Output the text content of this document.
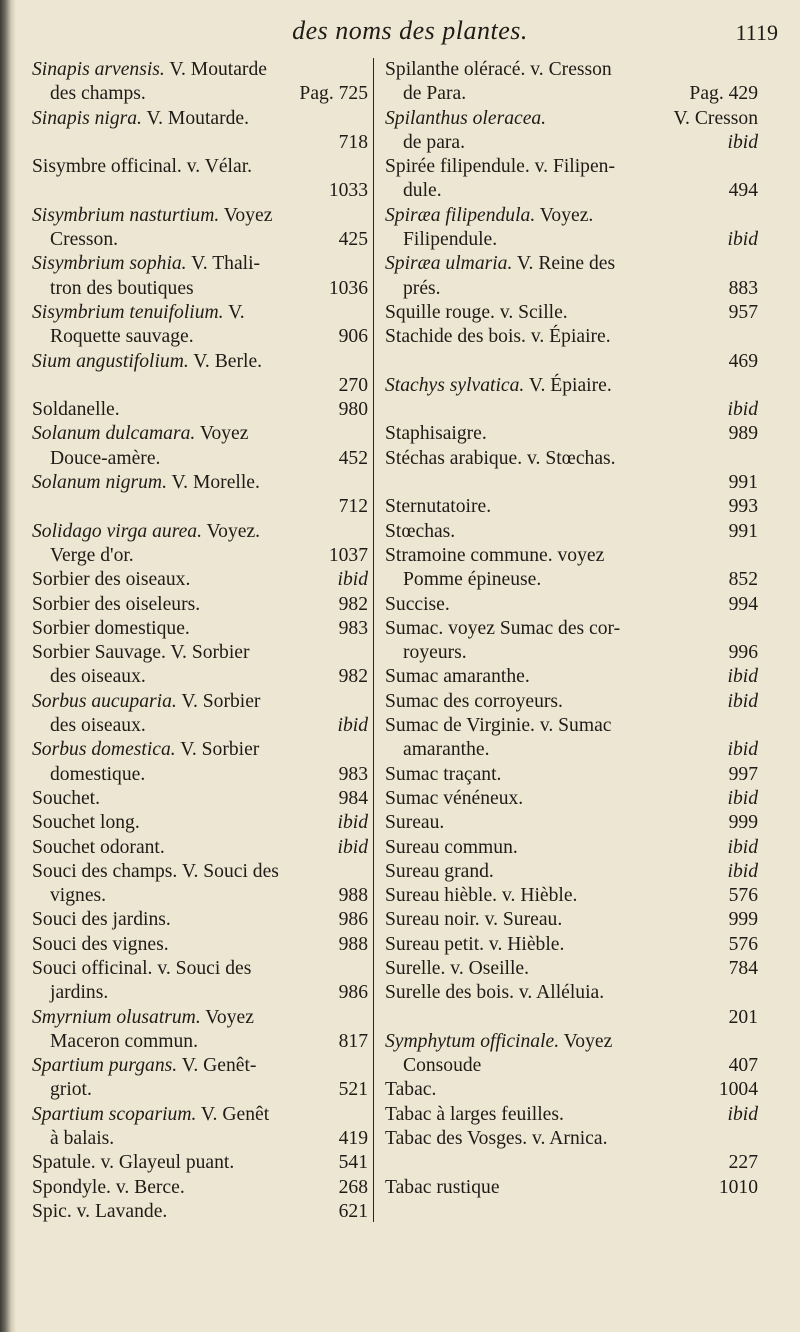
des noms des plantes.	1119
Sinapis arvensis. V. Moutarde
des champs.	Pag. 725
Sinapis nigra. V. Moutarde.
718
Sisymbre officinal. v. Vélar.
1033
Sisymbrium nasturtium. Voyez
Cresson.	425
Sisymbrium sophia. V. Thali-
tron des boutiques	1036
Sisymbrium tenuifolium. V.
Roquette sauvage.	906
Sium angustifolium. V. Berle.
270
Soldanelle.	980
Solanum dulcamara. Voyez
Douce-amère.	452
Solanum nigrum. V. Morelle.
712
Solidago virga aurea. Voyez.
Verge d'or.	1037
Sorbier des oiseaux.	ibid
Sorbier des oiseleurs.	982
Sorbier domestique.	983
Sorbier Sauvage. V. Sorbier
des oiseaux.	982
Sorbus aucuparia. V. Sorbier
des oiseaux.	ibid
Sorbus domestica. V. Sorbier
domestique.	983
Souchet.	984
Souchet long.	ibid
Souchet odorant.	ibid
Souci des champs. V. Souci des
vignes.	988
Souci des jardins.	986
Souci des vignes.	988
Souci officinal. v. Souci des
jardins.	986
Smyrnium olusatrum. Voyez
Maceron commun.	817
Spartium purgans. V. Genêt-
griot.	521
Spartium scoparium. V. Genêt
à balais.	419
Spatule. v. Glayeul puant.	541
Spondyle. v. Berce.	268
Spic. v. Lavande.	621
Spilanthe oléracé. v. Cresson
de Para.	Pag. 429
Spilanthus oleracea.	V. Cresson
de para.	ibid
Spirée filipendule. v. Filipen-
dule.	494
Spiræa filipendula. Voyez.
Filipendule.	ibid
Spiræa ulmaria. V. Reine des
prés.	883
Squille rouge. v. Scille.	957
Stachide des bois. v. Épiaire.
469
Stachys sylvatica. V. Épiaire.
ibid
Staphisaigre.	989
Stéchas arabique. v. Stœchas.
991
Sternutatoire.	993
Stœchas.	991
Stramoine commune. voyez
Pomme épineuse.	852
Succise.	994
Sumac. voyez Sumac des cor-
royeurs.	996
Sumac amaranthe.	ibid
Sumac des corroyeurs.	ibid
Sumac de Virginie. v. Sumac
amaranthe.	ibid
Sumac traçant.	997
Sumac vénéneux.	ibid
Sureau.	999
Sureau commun.	ibid
Sureau grand.	ibid
Sureau hièble. v. Hièble.	576
Sureau noir. v. Sureau.	999
Sureau petit. v. Hièble.	576
Surelle. v. Oseille.	784
Surelle des bois. v. Alléluia.
201
Symphytum officinale. Voyez
Consoude	407
Tabac.	1004
Tabac à larges feuilles.	ibid
Tabac des Vosges. v. Arnica.
227
Tabac rustique	1010
